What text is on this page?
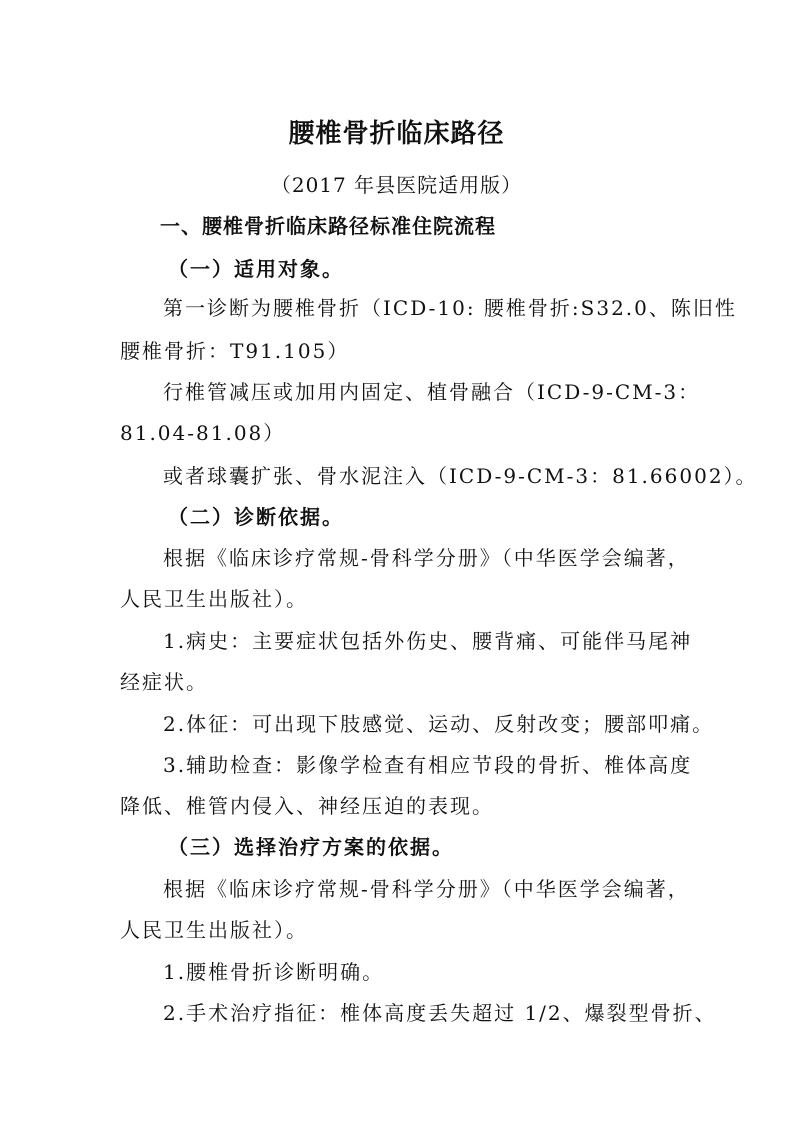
腰椎骨折临床路径
（2017 年县医院适用版）
一、腰椎骨折临床路径标准住院流程
（一）适用对象。
第一诊断为腰椎骨折（ICD-10: 腰椎骨折:S32.0、陈旧性
腰椎骨折：T91.105）
行椎管减压或加用内固定、植骨融合（ICD-9-CM-3：
81.04-81.08）
或者球囊扩张、骨水泥注入（ICD-9-CM-3：81.66002）。
（二）诊断依据。
根据《临床诊疗常规-骨科学分册》（中华医学会编著，
人民卫生出版社）。
1.病史：主要症状包括外伤史、腰背痛、可能伴马尾神
经症状。
2.体征：可出现下肢感觉、运动、反射改变；腰部叩痛。
3.辅助检查：影像学检查有相应节段的骨折、椎体高度
降低、椎管内侵入、神经压迫的表现。
（三）选择治疗方案的依据。
根据《临床诊疗常规-骨科学分册》（中华医学会编著，
人民卫生出版社）。
1.腰椎骨折诊断明确。
2.手术治疗指征：椎体高度丢失超过 1/2、爆裂型骨折、
